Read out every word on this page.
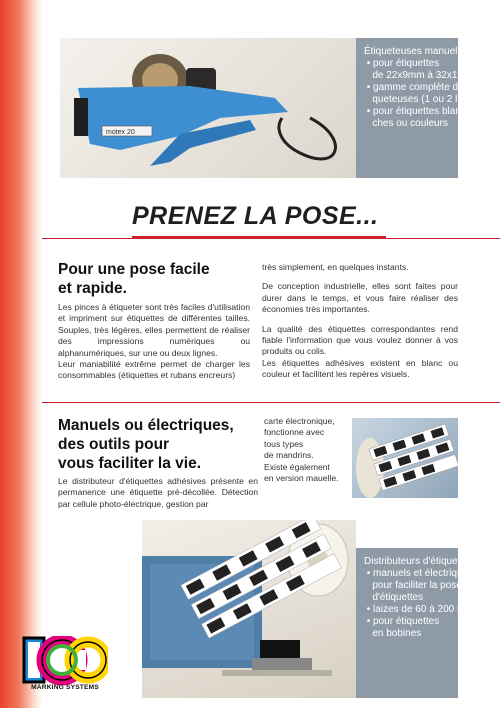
motex 20
Étiqueteuses manuelles
• pour étiquettes
de 22x9mm à 32x19mm
• gamme complète d'éti-
queteuses (1 ou 2 lignes)
• pour étiquettes blan-
ches ou couleurs
PRENEZ LA POSE...
Pour une pose facile
et rapide.

Les pinces à étiqueter sont très faciles d'utilisation et impriment sur étiquettes de différentes tailles. Souples, très légères, elles permettent de réaliser des impressions numériques ou alphanumériques, sur une ou deux lignes.

Leur maniabilité extrême permet de charger les consommables (étiquettes et rubans encreurs)

très simplement, en quelques instants.

De conception industrielle, elles sont faites pour durer dans le temps, et vous faire réaliser des économies très importantes.

La qualité des étiquettes correspondantes rend fiable l'information que vous voulez donner à vos produits ou colis.

Les étiquettes adhésives existent en blanc ou couleur et facilitent les repères visuels.

Manuels ou électriques,
des outils pour
vous faciliter la vie.

Le distributeur d'étiquettes adhésives présente en permanence une étiquette pré-décollée. Détection par cellule photo-électrique, gestion par

carte électronique,
fonctionne avec
tous types
de mandrins.
Existe également
en version mauelle.
Distributeurs d'étiquettes
• manuels et électriques
pour faciliter la pose
d'étiquettes
• laizes de 60 à 200 mm
• pour étiquettes
en bobines
MARKING SYSTEMS
